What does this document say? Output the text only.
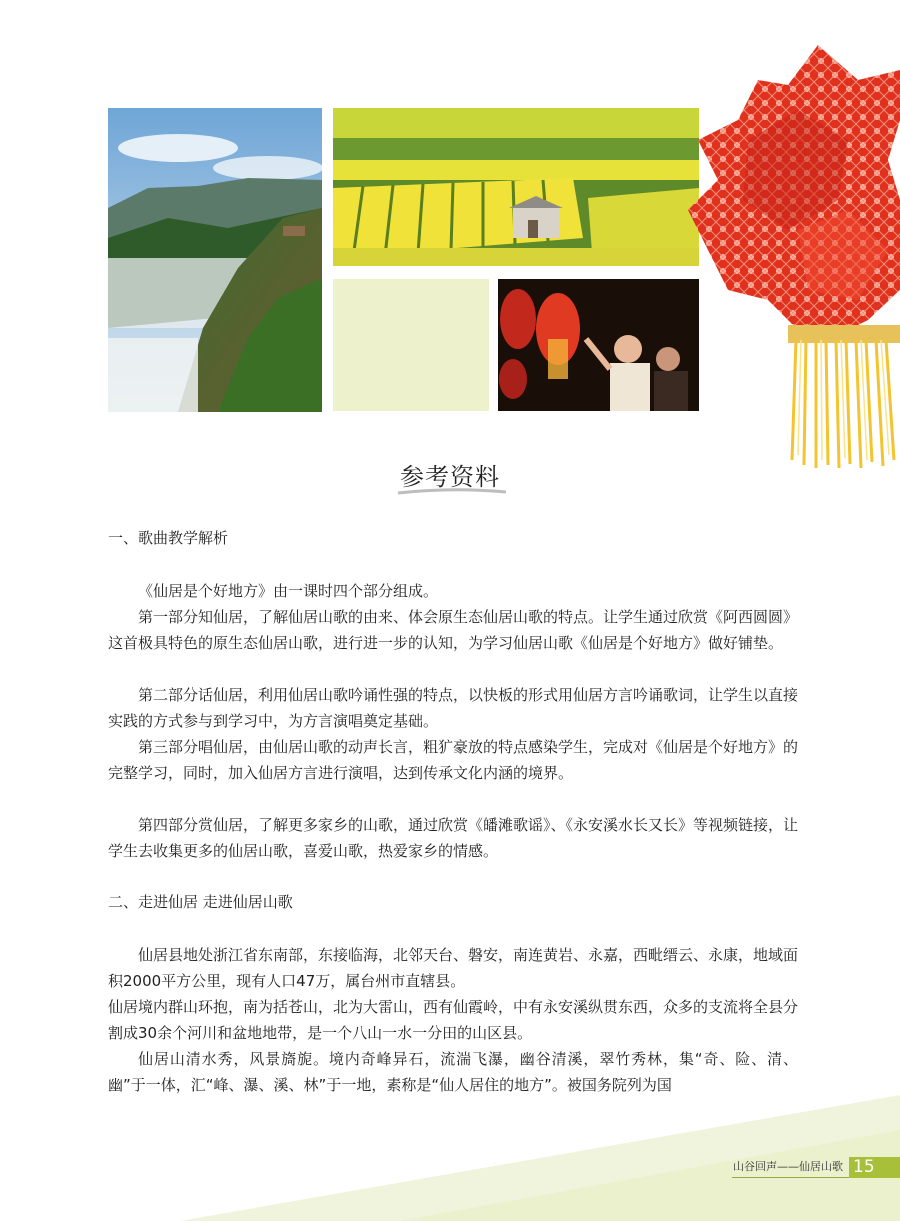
参考资料
一、歌曲教学解析

《仙居是个好地方》由一课时四个部分组成。

第一部分知仙居，了解仙居山歌的由来、体会原生态仙居山歌的特点。让学生通过欣赏《阿西圆圆》这首极具特色的原生态仙居山歌，进行进一步的认知，为学习仙居山歌《仙居是个好地方》做好铺垫。

第二部分话仙居，利用仙居山歌吟诵性强的特点，以快板的形式用仙居方言吟诵歌词，让学生以直接实践的方式参与到学习中，为方言演唱奠定基础。

第三部分唱仙居，由仙居山歌的动声长言，粗犷豪放的特点感染学生，完成对《仙居是个好地方》的完整学习，同时，加入仙居方言进行演唱，达到传承文化内涵的境界。

第四部分赏仙居，了解更多家乡的山歌，通过欣赏《皤滩歌谣》、《永安溪水长又长》等视频链接，让学生去收集更多的仙居山歌，喜爱山歌，热爱家乡的情感。

二、走进仙居 走进仙居山歌

仙居县地处浙江省东南部，东接临海，北邻天台、磐安，南连黄岩、永嘉，西毗缙云、永康，地域面积2000平方公里，现有人口47万，属台州市直辖县。

仙居境内群山环抱，南为括苍山，北为大雷山，西有仙霞岭，中有永安溪纵贯东西，众多的支流将全县分割成30余个河川和盆地地带，是一个八山一水一分田的山区县。

仙居山清水秀，风景旖旎。境内奇峰异石，流湍飞瀑，幽谷清溪，翠竹秀林，集“奇、险、清、幽”于一体，汇“峰、瀑、溪、林”于一地，素称是“仙人居住的地方”。被国务院列为国

山谷回声——仙居山歌 15
